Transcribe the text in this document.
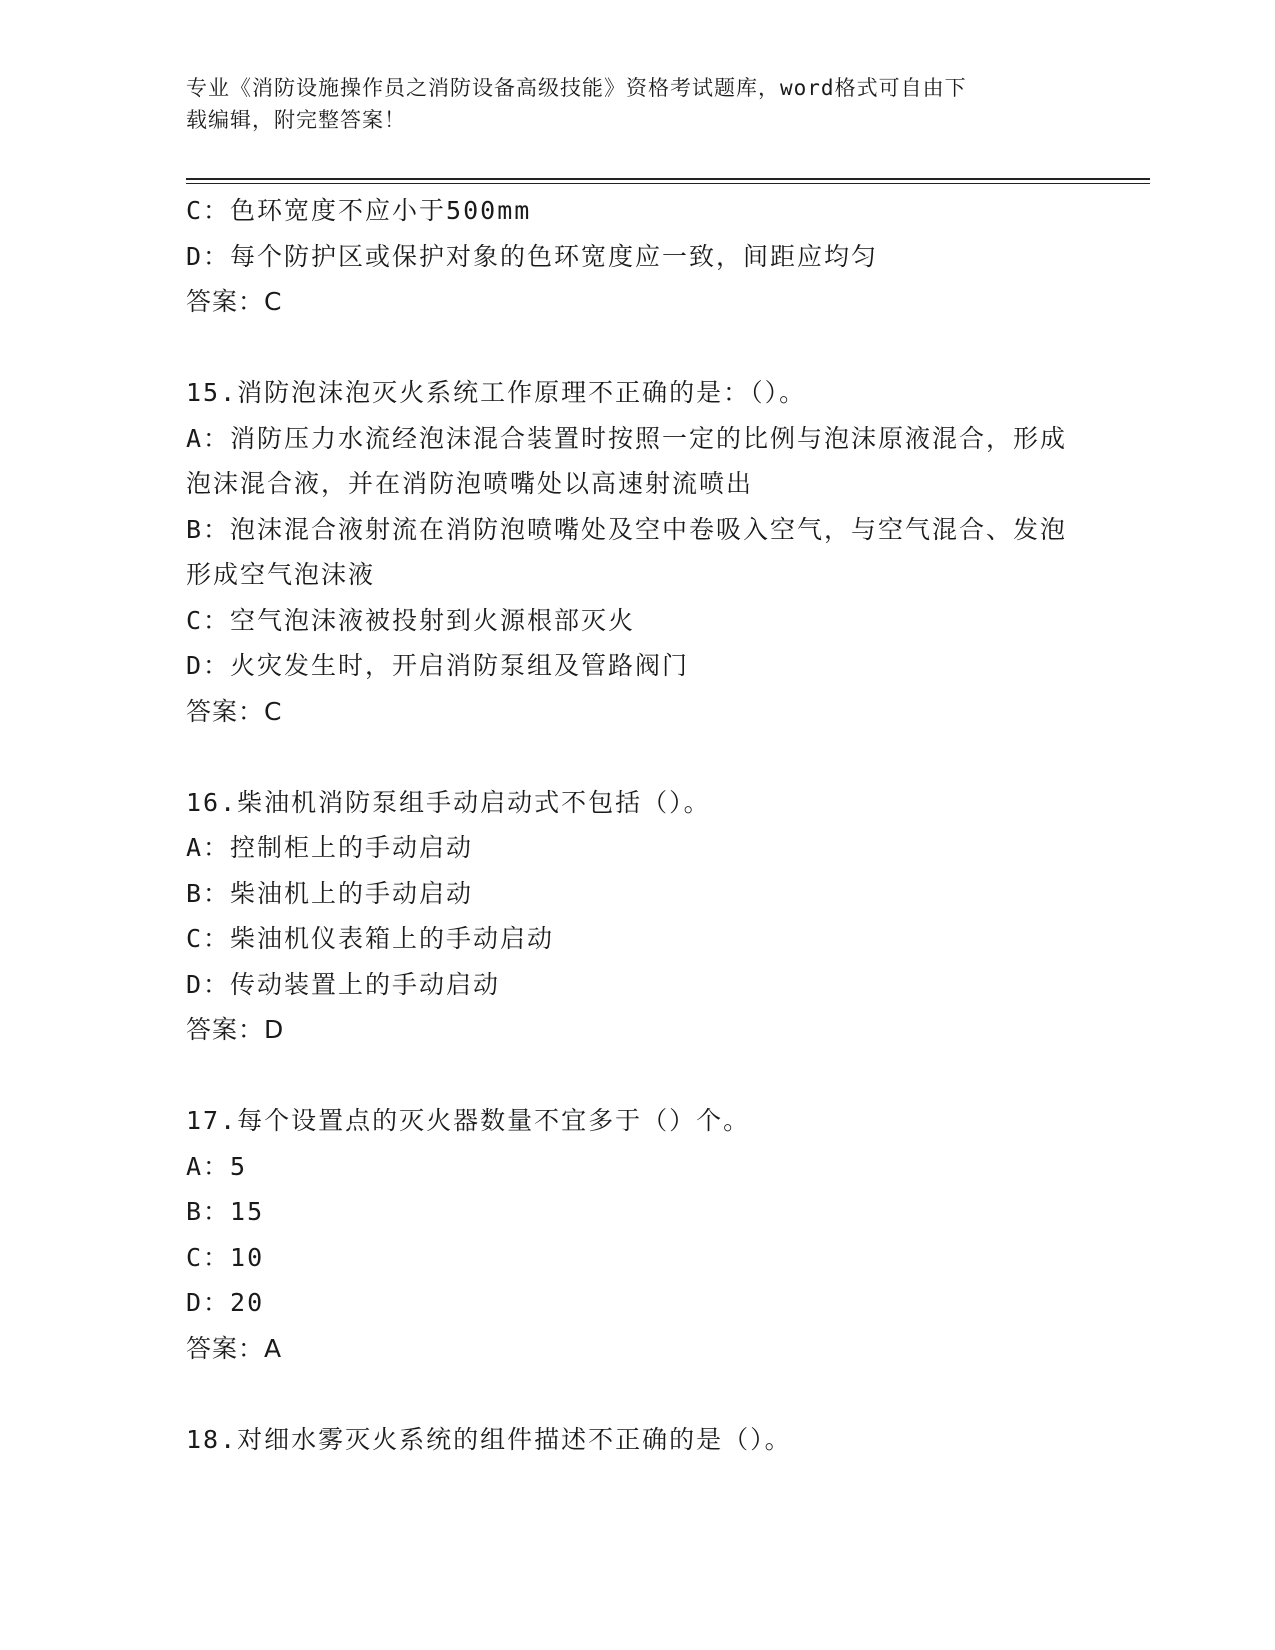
专业《消防设施操作员之消防设备高级技能》资格考试题库，word格式可自由下
载编辑，附完整答案！
C：色环宽度不应小于500mm
D：每个防护区或保护对象的色环宽度应一致，间距应均匀
答案：C
15.消防泡沫泡灭火系统工作原理不正确的是：（）。
A：消防压力水流经泡沫混合装置时按照一定的比例与泡沫原液混合，形成泡沫混合液，并在消防泡喷嘴处以高速射流喷出
B：泡沫混合液射流在消防泡喷嘴处及空中卷吸入空气，与空气混合、发泡形成空气泡沫液
C：空气泡沫液被投射到火源根部灭火
D：火灾发生时，开启消防泵组及管路阀门
答案：C
16.柴油机消防泵组手动启动式不包括（）。
A：控制柜上的手动启动
B：柴油机上的手动启动
C：柴油机仪表箱上的手动启动
D：传动装置上的手动启动
答案：D
17.每个设置点的灭火器数量不宜多于（）个。
A：5
B：15
C：10
D：20
答案：A
18.对细水雾灭火系统的组件描述不正确的是（）。
